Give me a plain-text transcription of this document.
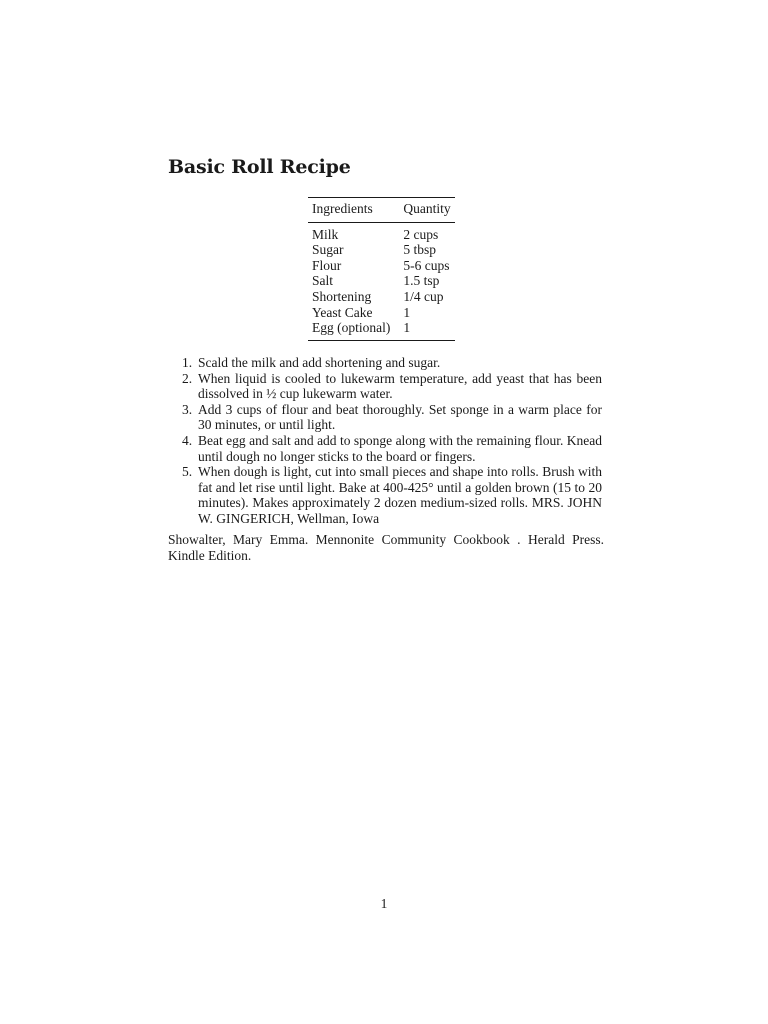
Basic Roll Recipe
Ingredients	Quantity
Milk	2 cups
Sugar	5 tbsp
Flour	5-6 cups
Salt	1.5 tsp
Shortening	1/4 cup
Yeast Cake	1
Egg (optional)	1
1. Scald the milk and add shortening and sugar.
2. When liquid is cooled to lukewarm temperature, add yeast that has been dissolved in ½ cup lukewarm water.
3. Add 3 cups of flour and beat thoroughly. Set sponge in a warm place for 30 minutes, or until light.
4. Beat egg and salt and add to sponge along with the remaining flour. Knead until dough no longer sticks to the board or fingers.
5. When dough is light, cut into small pieces and shape into rolls. Brush with fat and let rise until light. Bake at 400-425° until a golden brown (15 to 20 minutes). Makes approximately 2 dozen medium-sized rolls. MRS. JOHN W. GINGERICH, Wellman, Iowa

Showalter, Mary Emma. Mennonite Community Cookbook . Herald Press. Kindle Edition.

1
